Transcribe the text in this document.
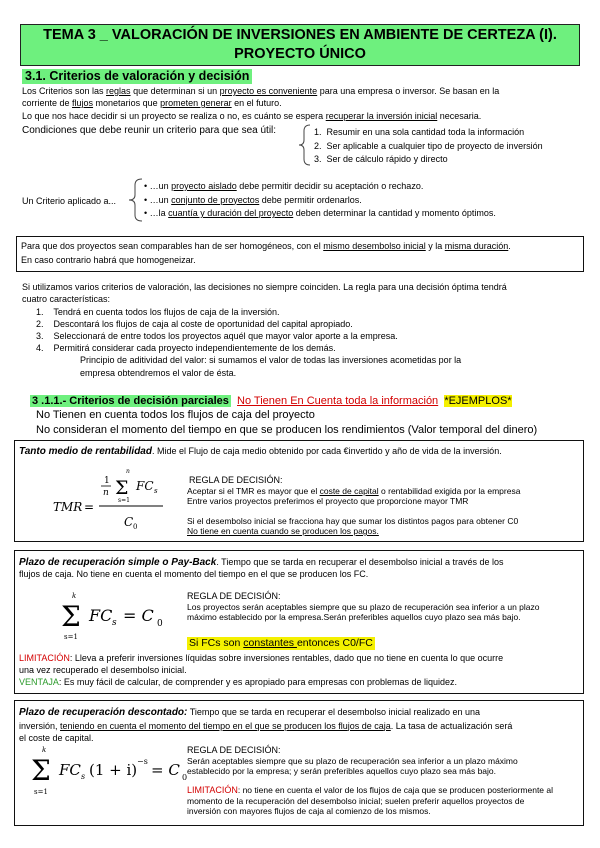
TEMA 3 _ VALORACIÓN DE INVERSIONES EN AMBIENTE DE CERTEZA (I).
PROYECTO ÚNICO
3.1. Criterios de valoración y decisión
Los Criterios son las reglas que determinan si un proyecto es conveniente para una empresa o inversor. Se basan en la
corriente de flujos monetarios que prometen generar en el futuro.
Lo que nos hace decidir si un proyecto se realiza o no, es cuánto se espera recuperar la inversión inicial necesaria.
Condiciones que debe reunir un criterio para que sea útil:	1.  Resumir en una sola cantidad toda la información
2.  Ser aplicable a cualquier tipo de proyecto de inversión
3.  Ser de cálculo rápido y directo
Un Criterio aplicado a...
• …un proyecto aislado debe permitir decidir su aceptación o rechazo.
• …un conjunto de proyectos debe permitir ordenarlos.
• …la cuantía y duración del proyecto deben determinar la cantidad y momento óptimos.
Para que dos proyectos sean comparables han de ser homogéneos, con el mismo desembolso inicial y la misma duración.
En caso contrario habrá que homogeneizar.
Si utilizamos varios criterios de valoración, las decisiones no siempre coinciden. La regla para una decisión óptima tendrá
cuatro características:
1.    Tendrá en cuenta todos los flujos de caja de la inversión.
2.    Descontará los flujos de caja al coste de oportunidad del capital apropiado.
3.    Seleccionará de entre todos los proyectos aquél que mayor valor aporte a la empresa.
4.    Permitirá considerar cada proyecto independientemente de los demás.
Principio de aditividad del valor: si sumamos el valor de todas las inversiones acometidas por la
empresa obtendremos el valor de ésta.
3 .1.1.- Criterios de decisión parciales No Tienen En Cuenta toda la información *EJEMPLOS*
No Tienen en cuenta todos los flujos de caja del proyecto
No consideran el momento del tiempo en que se producen los rendimientos (Valor temporal del dinero)
Tanto medio de rentabilidad. Mide el Flujo de caja medio obtenido por cada €invertido y año de vida de la inversión.
TMR =
1
n
n
Σ
s=1
FC s
C 0
REGLA DE DECISIÓN:
Aceptar si el TMR es mayor que el coste de capital o rentabilidad exigida por la empresa
Entre varios proyectos preferimos el proyecto que proporcione mayor TMR
Si el desembolso inicial se fracciona hay que sumar los distintos pagos para obtener C0
No tiene en cuenta cuando se producen los pagos.
Plazo de recuperación simple o Pay-Back. Tiempo que se tarda en recuperar el desembolso inicial a través de los
flujos de caja. No tiene en cuenta el momento del tiempo en el que se producen los FC.
k
Σ
s=1
FC s = C 0
REGLA DE DECISIÓN:
Los proyectos serán aceptables siempre que su plazo de recuperación sea inferior a un plazo
máximo establecido por la empresa.Serán preferibles aquellos cuyo plazo sea más bajo.
Si FCs son constantes entonces C0/FC
LIMITACIÓN: Lleva a preferir inversiones líquidas sobre inversiones rentables, dado que no tiene en cuenta lo que ocurre
una vez recuperado el desembolso inicial.
VENTAJA: Es muy fácil de calcular, de comprender y es apropiado para empresas con problemas de liquidez.
Plazo de recuperación descontado: Tiempo que se tarda en recuperar el desembolso inicial realizado en una
inversión, teniendo en cuenta el momento del tiempo en el que se producen los flujos de caja. La tasa de actualización será
el coste de capital.
k
Σ
s=1
FC s (1 + i) −s = C 0
REGLA DE DECISIÓN:
Serán aceptables siempre que su plazo de recuperación sea inferior a un plazo máximo
establecido por la empresa; y serán preferibles aquellos cuyo plazo sea más bajo.
LIMITACIÓN: no tiene en cuenta el valor de los flujos de caja que se producen posteriormente al
momento de la recuperación del desembolso inicial; suelen preferir aquellos proyectos de
inversión con mayores flujos de caja al comienzo de los mismos.
